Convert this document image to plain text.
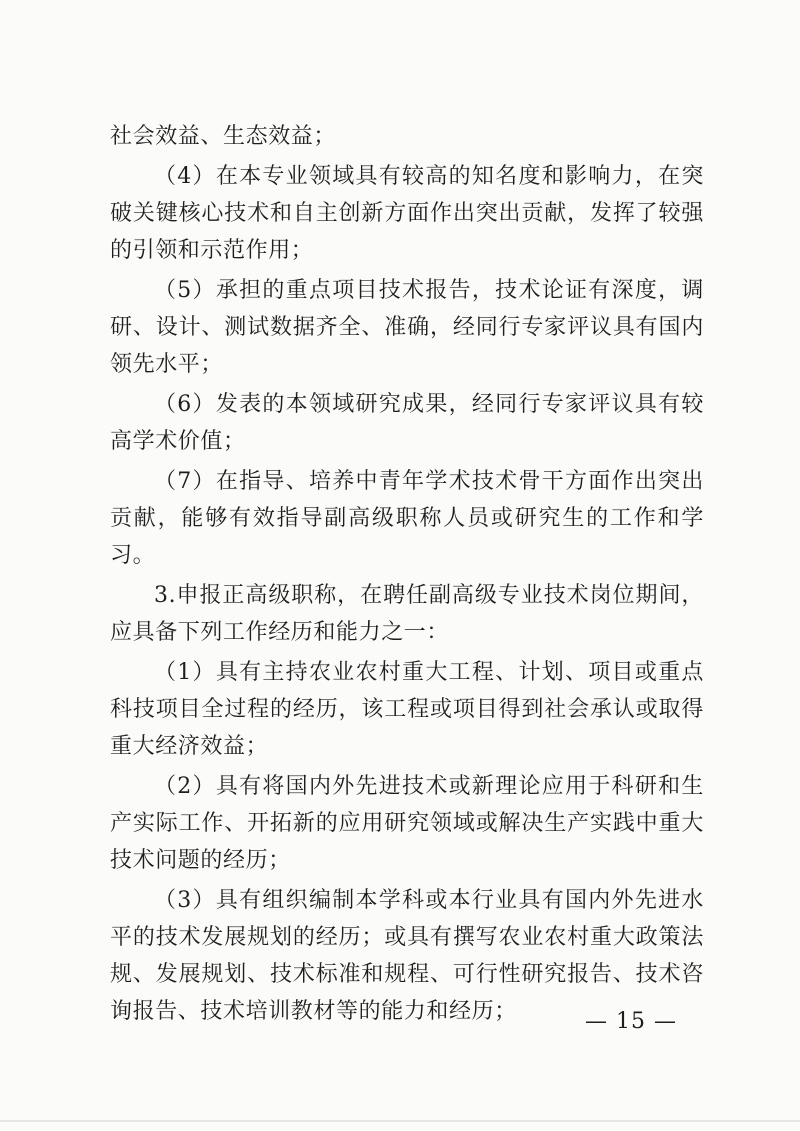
社会效益、生态效益；

（4）在本专业领域具有较高的知名度和影响力，在突破关键核心技术和自主创新方面作出突出贡献，发挥了较强的引领和示范作用；

（5）承担的重点项目技术报告，技术论证有深度，调研、设计、测试数据齐全、准确，经同行专家评议具有国内领先水平；

（6）发表的本领域研究成果，经同行专家评议具有较高学术价值；

（7）在指导、培养中青年学术技术骨干方面作出突出贡献，能够有效指导副高级职称人员或研究生的工作和学习。

3.申报正高级职称，在聘任副高级专业技术岗位期间，应具备下列工作经历和能力之一：

（1）具有主持农业农村重大工程、计划、项目或重点科技项目全过程的经历，该工程或项目得到社会承认或取得重大经济效益；

（2）具有将国内外先进技术或新理论应用于科研和生产实际工作、开拓新的应用研究领域或解决生产实践中重大技术问题的经历；

（3）具有组织编制本学科或本行业具有国内外先进水平的技术发展规划的经历；或具有撰写农业农村重大政策法规、发展规划、技术标准和规程、可行性研究报告、技术咨询报告、技术培训教材等的能力和经历；	— 15 —
